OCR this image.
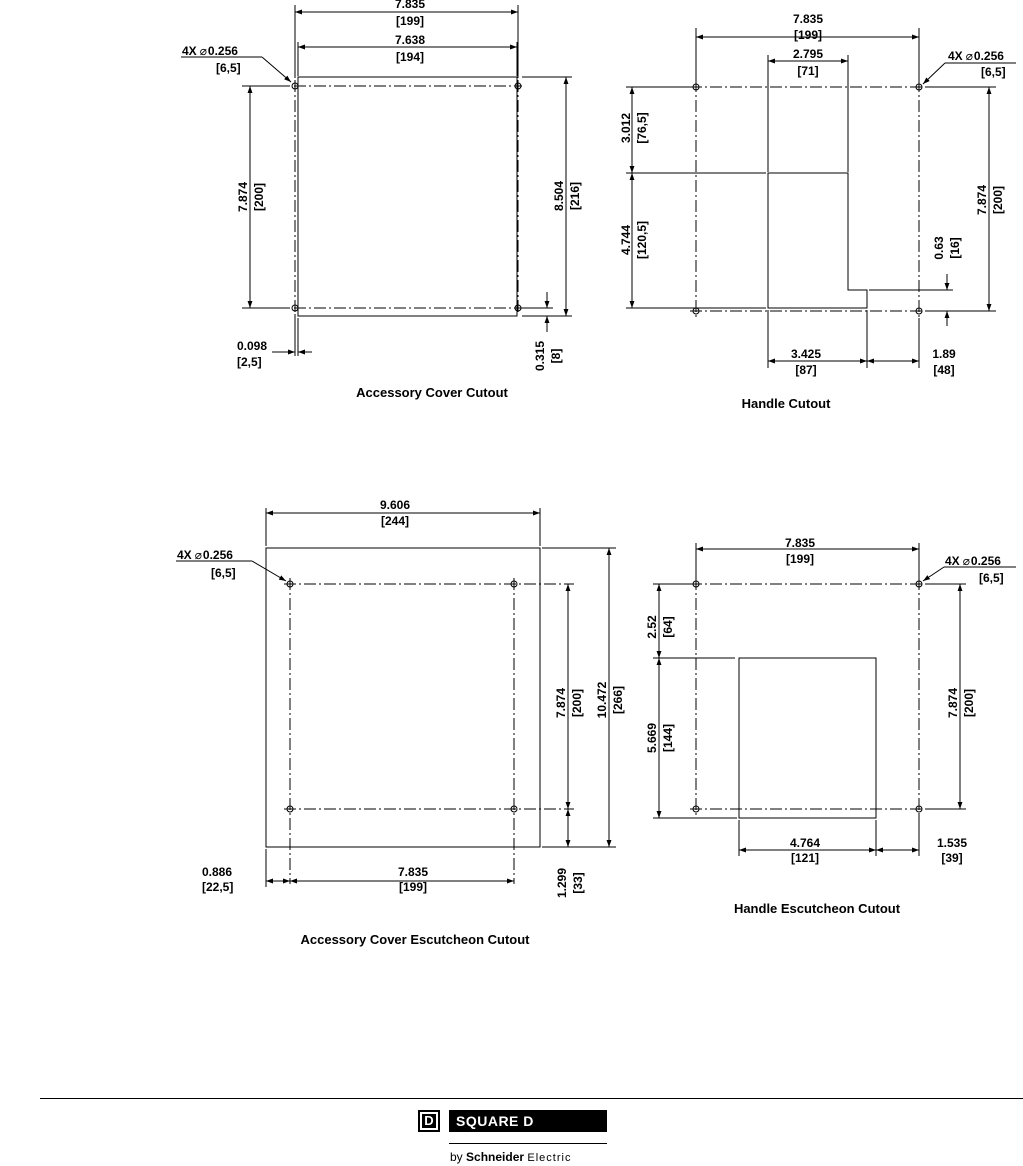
4X ⌀0.256
[6,5]
7.835
[199]
7.638
[194]
7.874 [200]	8.504 [216]
0.098
[2,5]	0.315 [8]
Accessory Cover Cutout
7.835
[199]
2.795
[71]
4X ⌀0.256
[6,5]
3.012 [76,5]
4.744 [120,5]	0.63 [16]
7.874 [200]
3.425
[87]
1.89
[48]
Handle Cutout
9.606
[244]
4X ⌀0.256
[6,5]
7.874 [200] 10.472 [266]
0.886
[22,5]
7.835
[199]	1.299 [33]
Accessory Cover Escutcheon Cutout
7.835
[199]	4X ⌀0.256
[6,5]
2.52 [64]
5.669 [144]
7.874 [200]
4.764
[121]
1.535
[39]
Handle Escutcheon Cutout
D	SQUARE D
by Schneider Electric
